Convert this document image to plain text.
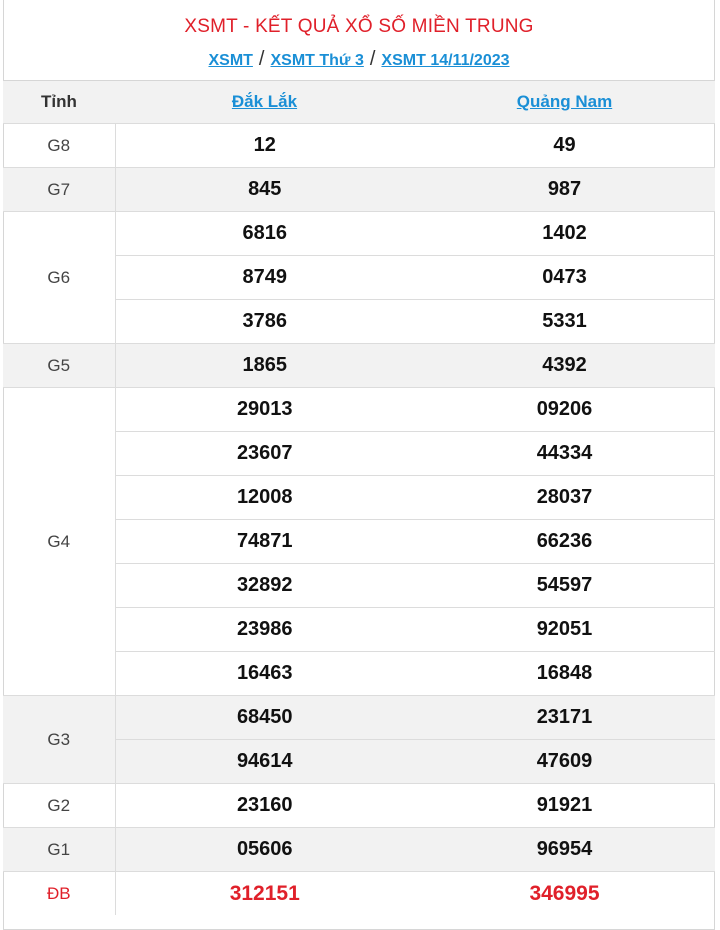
XSMT - KẾT QUẢ XỔ SỐ MIỀN TRUNG
XSMT / XSMT Thứ 3 / XSMT 14/11/2023
Tỉnh	Đắk Lắk	Quảng Nam
G8	12	49
G7	845	987
G6	6816	1402
	8749	0473
	3786	5331
G5	1865	4392
G4	29013	09206
	23607	44334
	12008	28037
	74871	66236
	32892	54597
	23986	92051
	16463	16848
G3	68450	23171
	94614	47609
G2	23160	91921
G1	05606	96954
ĐB	312151	346995
